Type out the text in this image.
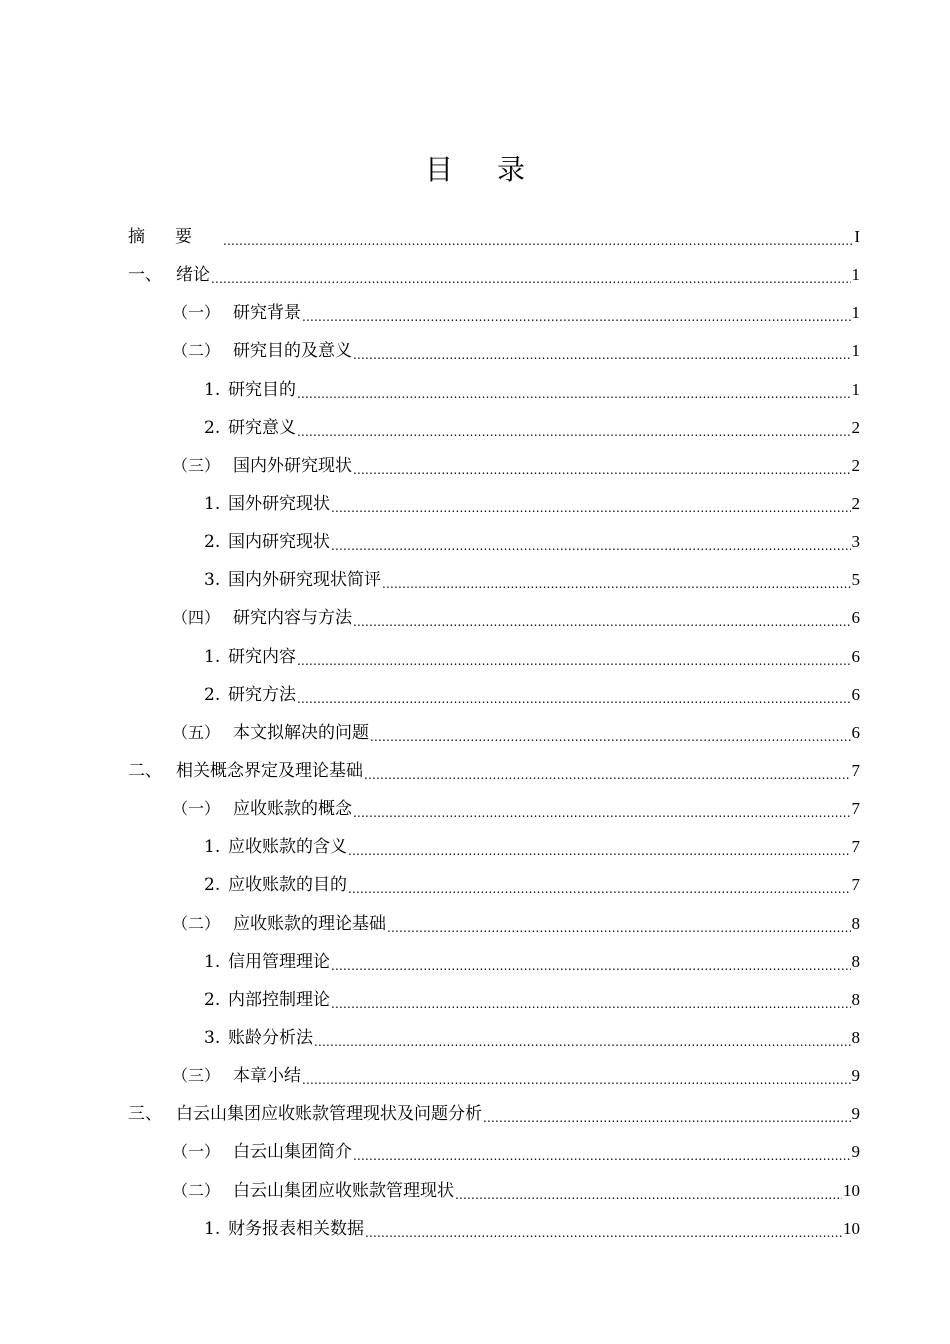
目 录
摘要 .....	I
一、 绪论 .....	1
（一） 研究背景 .....	1
（二） 研究目的及意义 .....	1
1. 研究目的 .....	1
2. 研究意义 .....	2
（三） 国内外研究现状 .....	2
1. 国外研究现状 .....	2
2. 国内研究现状 .....	3
3. 国内外研究现状简评 .....	5
（四） 研究内容与方法 .....	6
1. 研究内容 .....	6
2. 研究方法 .....	6
（五） 本文拟解决的问题 .....	6
二、 相关概念界定及理论基础 .....	7
（一） 应收账款的概念 .....	7
1. 应收账款的含义 .....	7
2. 应收账款的目的 .....	7
（二） 应收账款的理论基础 .....	8
1. 信用管理理论 .....	8
2. 内部控制理论 .....	8
3. 账龄分析法 .....	8
（三） 本章小结 .....	9
三、 白云山集团应收账款管理现状及问题分析 .....	9
（一） 白云山集团简介 .....	9
（二） 白云山集团应收账款管理现状 .....	10
1. 财务报表相关数据 .....	10
